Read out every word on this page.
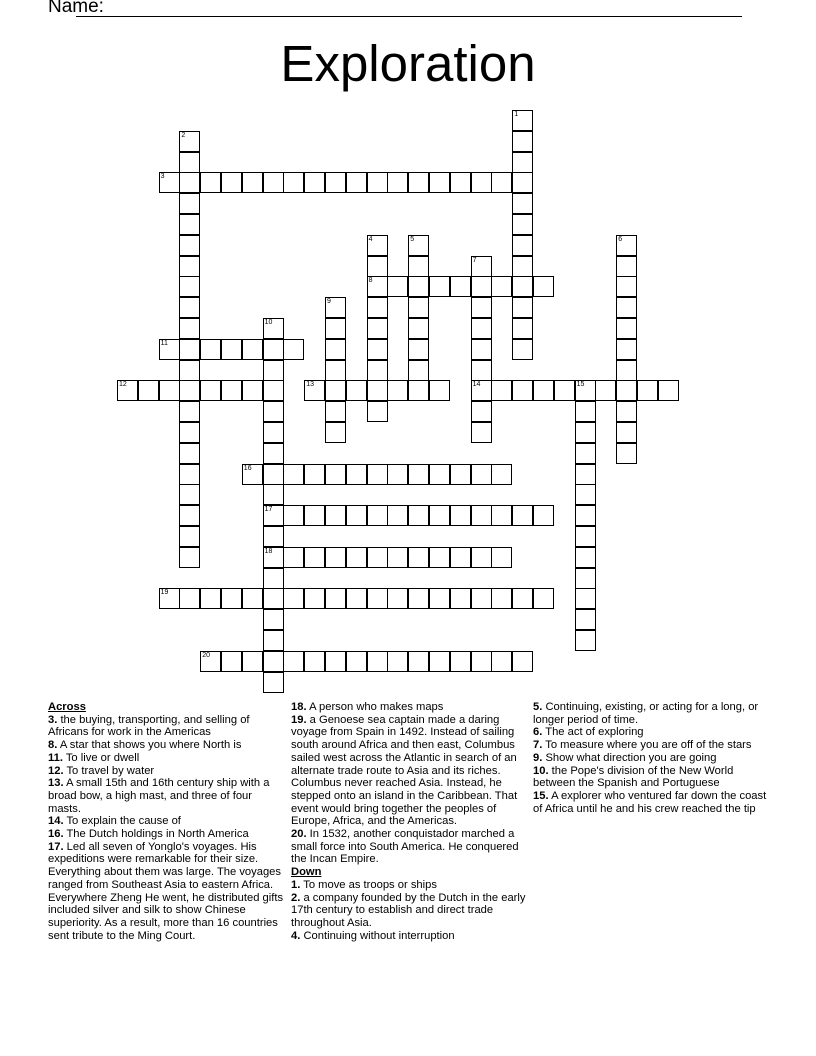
Name:
Exploration
1
2
3
4
8
5	6
7
14
9
10
17
18
11
12	13	15
16
19
20
Across
3. the buying, transporting, and selling of Africans for work in the Americas
8. A star that shows you where North is
11. To live or dwell
12. To travel by water
13. A small 15th and 16th century ship with a broad bow, a high mast, and three of four masts.
14. To explain the cause of
16. The Dutch holdings in North America
17. Led all seven of Yonglo's voyages. His expeditions were remarkable for their size. Everything about them was large. The voyages ranged from Southeast Asia to eastern Africa. Everywhere Zheng He went, he distributed gifts included silver and silk to show Chinese superiority. As a result, more than 16 countries sent tribute to the Ming Court.
18. A person who makes maps
19. a Genoese sea captain made a daring voyage from Spain in 1492. Instead of sailing south around Africa and then east, Columbus sailed west across the Atlantic in search of an alternate trade route to Asia and its riches. Columbus never reached Asia. Instead, he stepped onto an island in the Caribbean. That event would bring together the peoples of Europe, Africa, and the Americas.
20. In 1532, another conquistador marched a small force into South America. He conquered the Incan Empire.
Down
1. To move as troops or ships
2. a company founded by the Dutch in the early 17th century to establish and direct trade throughout Asia.
4. Continuing without interruption
5. Continuing, existing, or acting for a long, or longer period of time.
6. The act of exploring
7. To measure where you are off of the stars
9. Show what direction you are going
10. the Pope's division of the New World between the Spanish and Portuguese
15. A explorer who ventured far down the coast of Africa until he and his crew reached the tip
